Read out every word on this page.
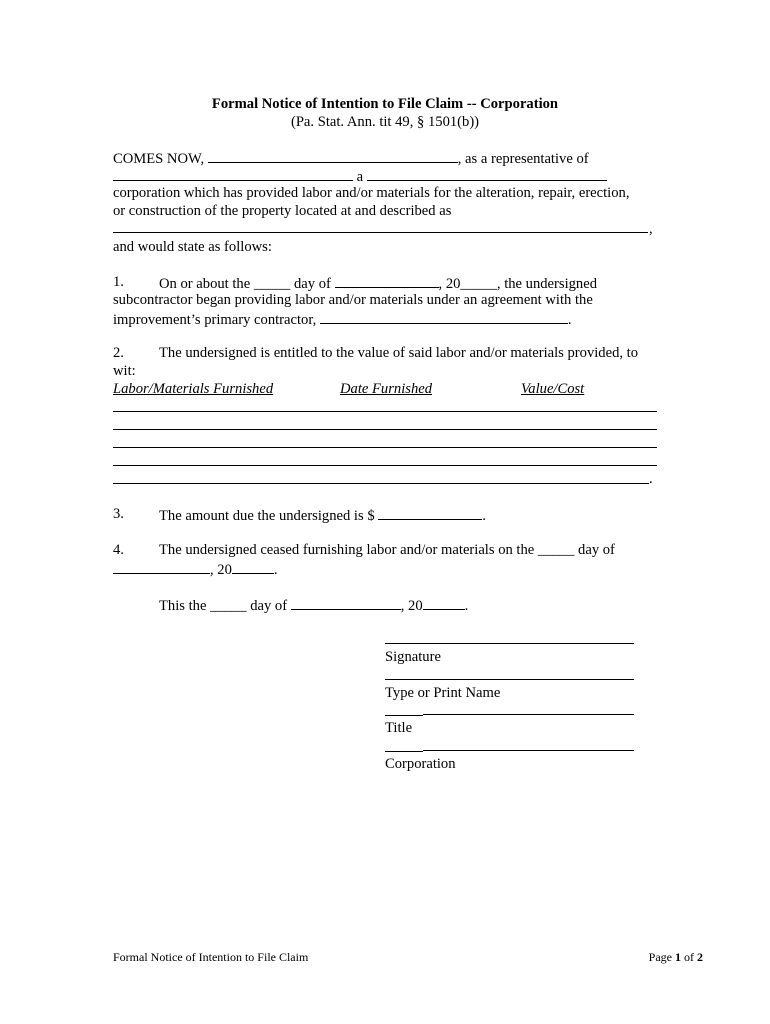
Formal Notice of Intention to File Claim -- Corporation
(Pa. Stat. Ann. tit 49, § 1501(b))
COMES NOW,	, as a representative of
a
corporation which has provided labor and/or materials for the alteration, repair, erection,
or construction of the property located at and described as
,
and would state as follows:
1. On or about the _____ day of	, 20_____, the undersigned
subcontractor began providing labor and/or materials under an agreement with the
improvement’s primary contractor,	.
2. The undersigned is entitled to the value of said labor and/or materials provided, to
wit:
Labor/Materials Furnished	Date Furnished	Value/Cost
.
3. The amount due the undersigned is $	.
4. The undersigned ceased furnishing labor and/or materials on the _____ day of
, 20	.
This the _____ day of	, 20	.
Signature
Type or Print Name
Title
Corporation
Formal Notice of Intention to File Claim	Page 1 of 2
